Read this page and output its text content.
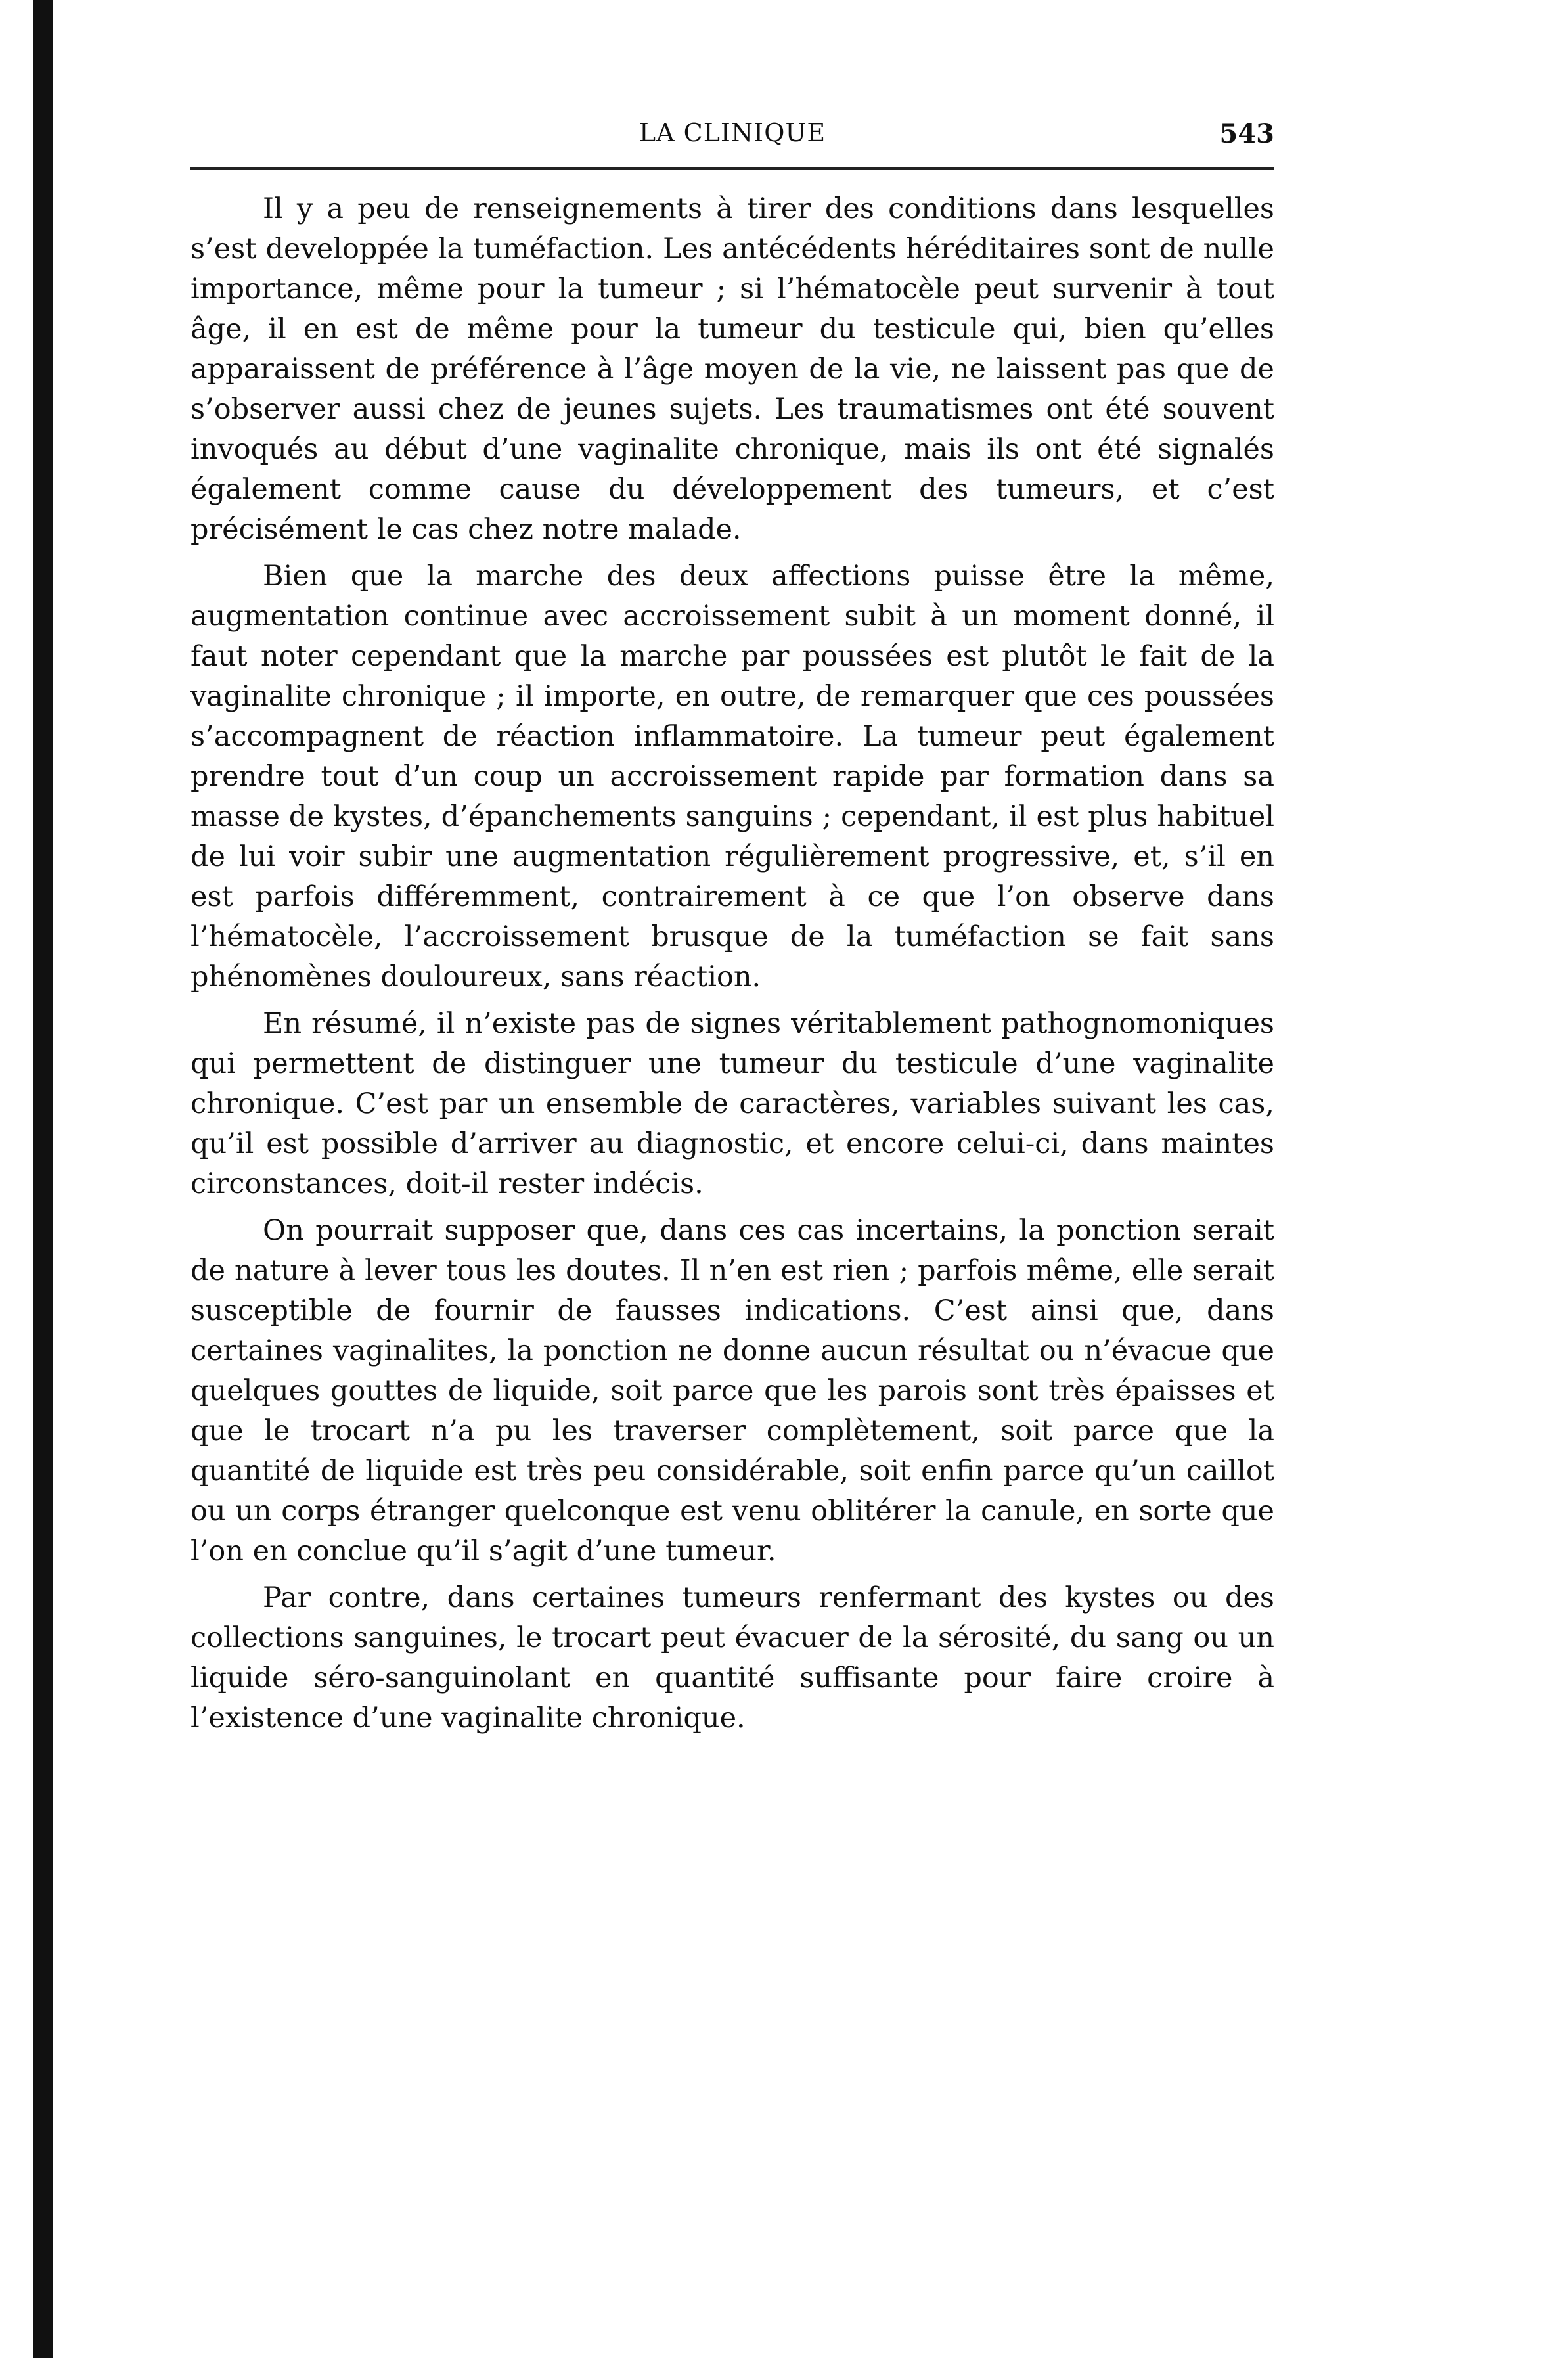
LA CLINIQUE	543

Il y a peu de renseignements à tirer des conditions dans lesquelles s’est developpée la tuméfaction. Les antécédents héréditaires sont de nulle importance, même pour la tumeur ; si l’hématocèle peut survenir à tout âge, il en est de même pour la tumeur du testicule qui, bien qu’elles apparaissent de préférence à l’âge moyen de la vie, ne laissent pas que de s’observer aussi chez de jeunes sujets. Les traumatismes ont été souvent invoqués au début d’une vaginalite chronique, mais ils ont été signalés également comme cause du développement des tumeurs, et c’est précisément le cas chez notre malade.

Bien que la marche des deux affections puisse être la même, augmentation continue avec accroissement subit à un moment donné, il faut noter cependant que la marche par poussées est plutôt le fait de la vaginalite chronique ; il importe, en outre, de remarquer que ces poussées s’accompagnent de réaction inflammatoire. La tumeur peut également prendre tout d’un coup un accroissement rapide par formation dans sa masse de kystes, d’épanchements sanguins ; cependant, il est plus habituel de lui voir subir une augmentation régulièrement progressive, et, s’il en est parfois différemment, contrairement à ce que l’on observe dans l’hématocèle, l’accroissement brusque de la tuméfaction se fait sans phénomènes douloureux, sans réaction.

En résumé, il n’existe pas de signes véritablement pathognomoniques qui permettent de distinguer une tumeur du testicule d’une vaginalite chronique. C’est par un ensemble de caractères, variables suivant les cas, qu’il est possible d’arriver au diagnostic, et encore celui-ci, dans maintes circonstances, doit-il rester indécis.

On pourrait supposer que, dans ces cas incertains, la ponction serait de nature à lever tous les doutes. Il n’en est rien ; parfois même, elle serait susceptible de fournir de fausses indications. C’est ainsi que, dans certaines vaginalites, la ponction ne donne aucun résultat ou n’évacue que quelques gouttes de liquide, soit parce que les parois sont très épaisses et que le trocart n’a pu les traverser complètement, soit parce que la quantité de liquide est très peu considérable, soit enfin parce qu’un caillot ou un corps étranger quelconque est venu oblitérer la canule, en sorte que l’on en conclue qu’il s’agit d’une tumeur.

Par contre, dans certaines tumeurs renfermant des kystes ou des collections sanguines, le trocart peut évacuer de la sérosité, du sang ou un liquide séro-sanguinolant en quantité suffisante pour faire croire à l’existence d’une vaginalite chronique.
